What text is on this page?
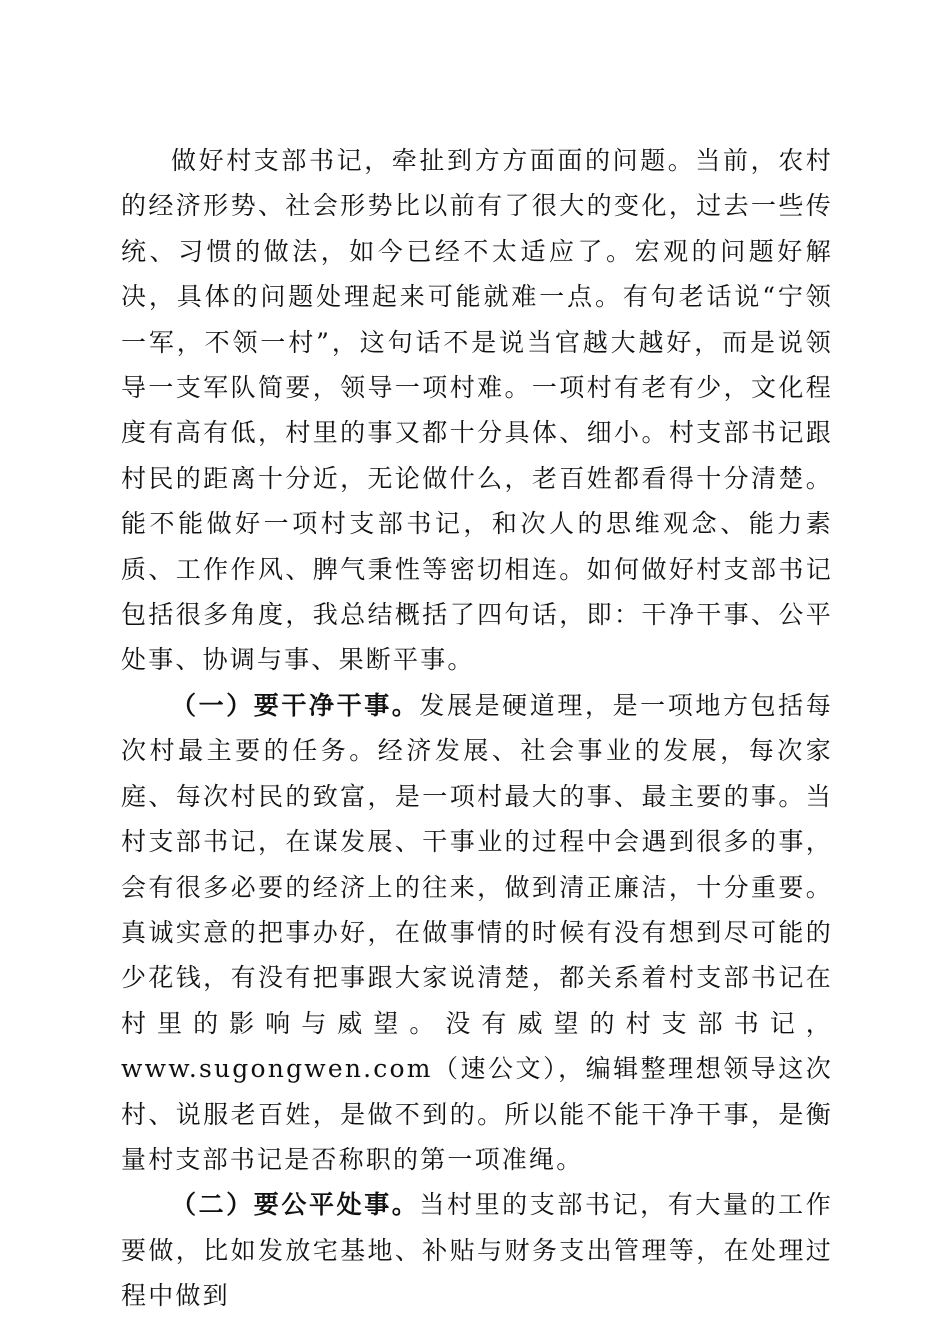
做好村支部书记，牵扯到方方面面的问题。当前，农村的经济形势、社会形势比以前有了很大的变化，过去一些传统、习惯的做法，如今已经不太适应了。宏观的问题好解决，具体的问题处理起来可能就难一点。有句老话说“宁领一军，不领一村”，这句话不是说当官越大越好，而是说领导一支军队简要，领导一项村难。一项村有老有少，文化程度有高有低，村里的事又都十分具体、细小。村支部书记跟村民的距离十分近，无论做什么，老百姓都看得十分清楚。能不能做好一项村支部书记，和次人的思维观念、能力素质、工作作风、脾气秉性等密切相连。如何做好村支部书记包括很多角度，我总结概括了四句话，即：干净干事、公平处事、协调与事、果断平事。

（一）要干净干事。发展是硬道理，是一项地方包括每次村最主要的任务。经济发展、社会事业的发展，每次家庭、每次村民的致富，是一项村最大的事、最主要的事。当村支部书记，在谋发展、干事业的过程中会遇到很多的事，会有很多必要的经济上的往来，做到清正廉洁，十分重要。真诚实意的把事办好，在做事情的时候有没有想到尽可能的少花钱，有没有把事跟大家说清楚，都关系着村支部书记在村里的影响与威望。没有威望的村支部书记，www.sugongwen.com（速公文），编辑整理想领导这次村、说服老百姓，是做不到的。所以能不能干净干事，是衡量村支部书记是否称职的第一项准绳。

（二）要公平处事。当村里的支部书记，有大量的工作要做，比如发放宅基地、补贴与财务支出管理等，在处理过程中做到
